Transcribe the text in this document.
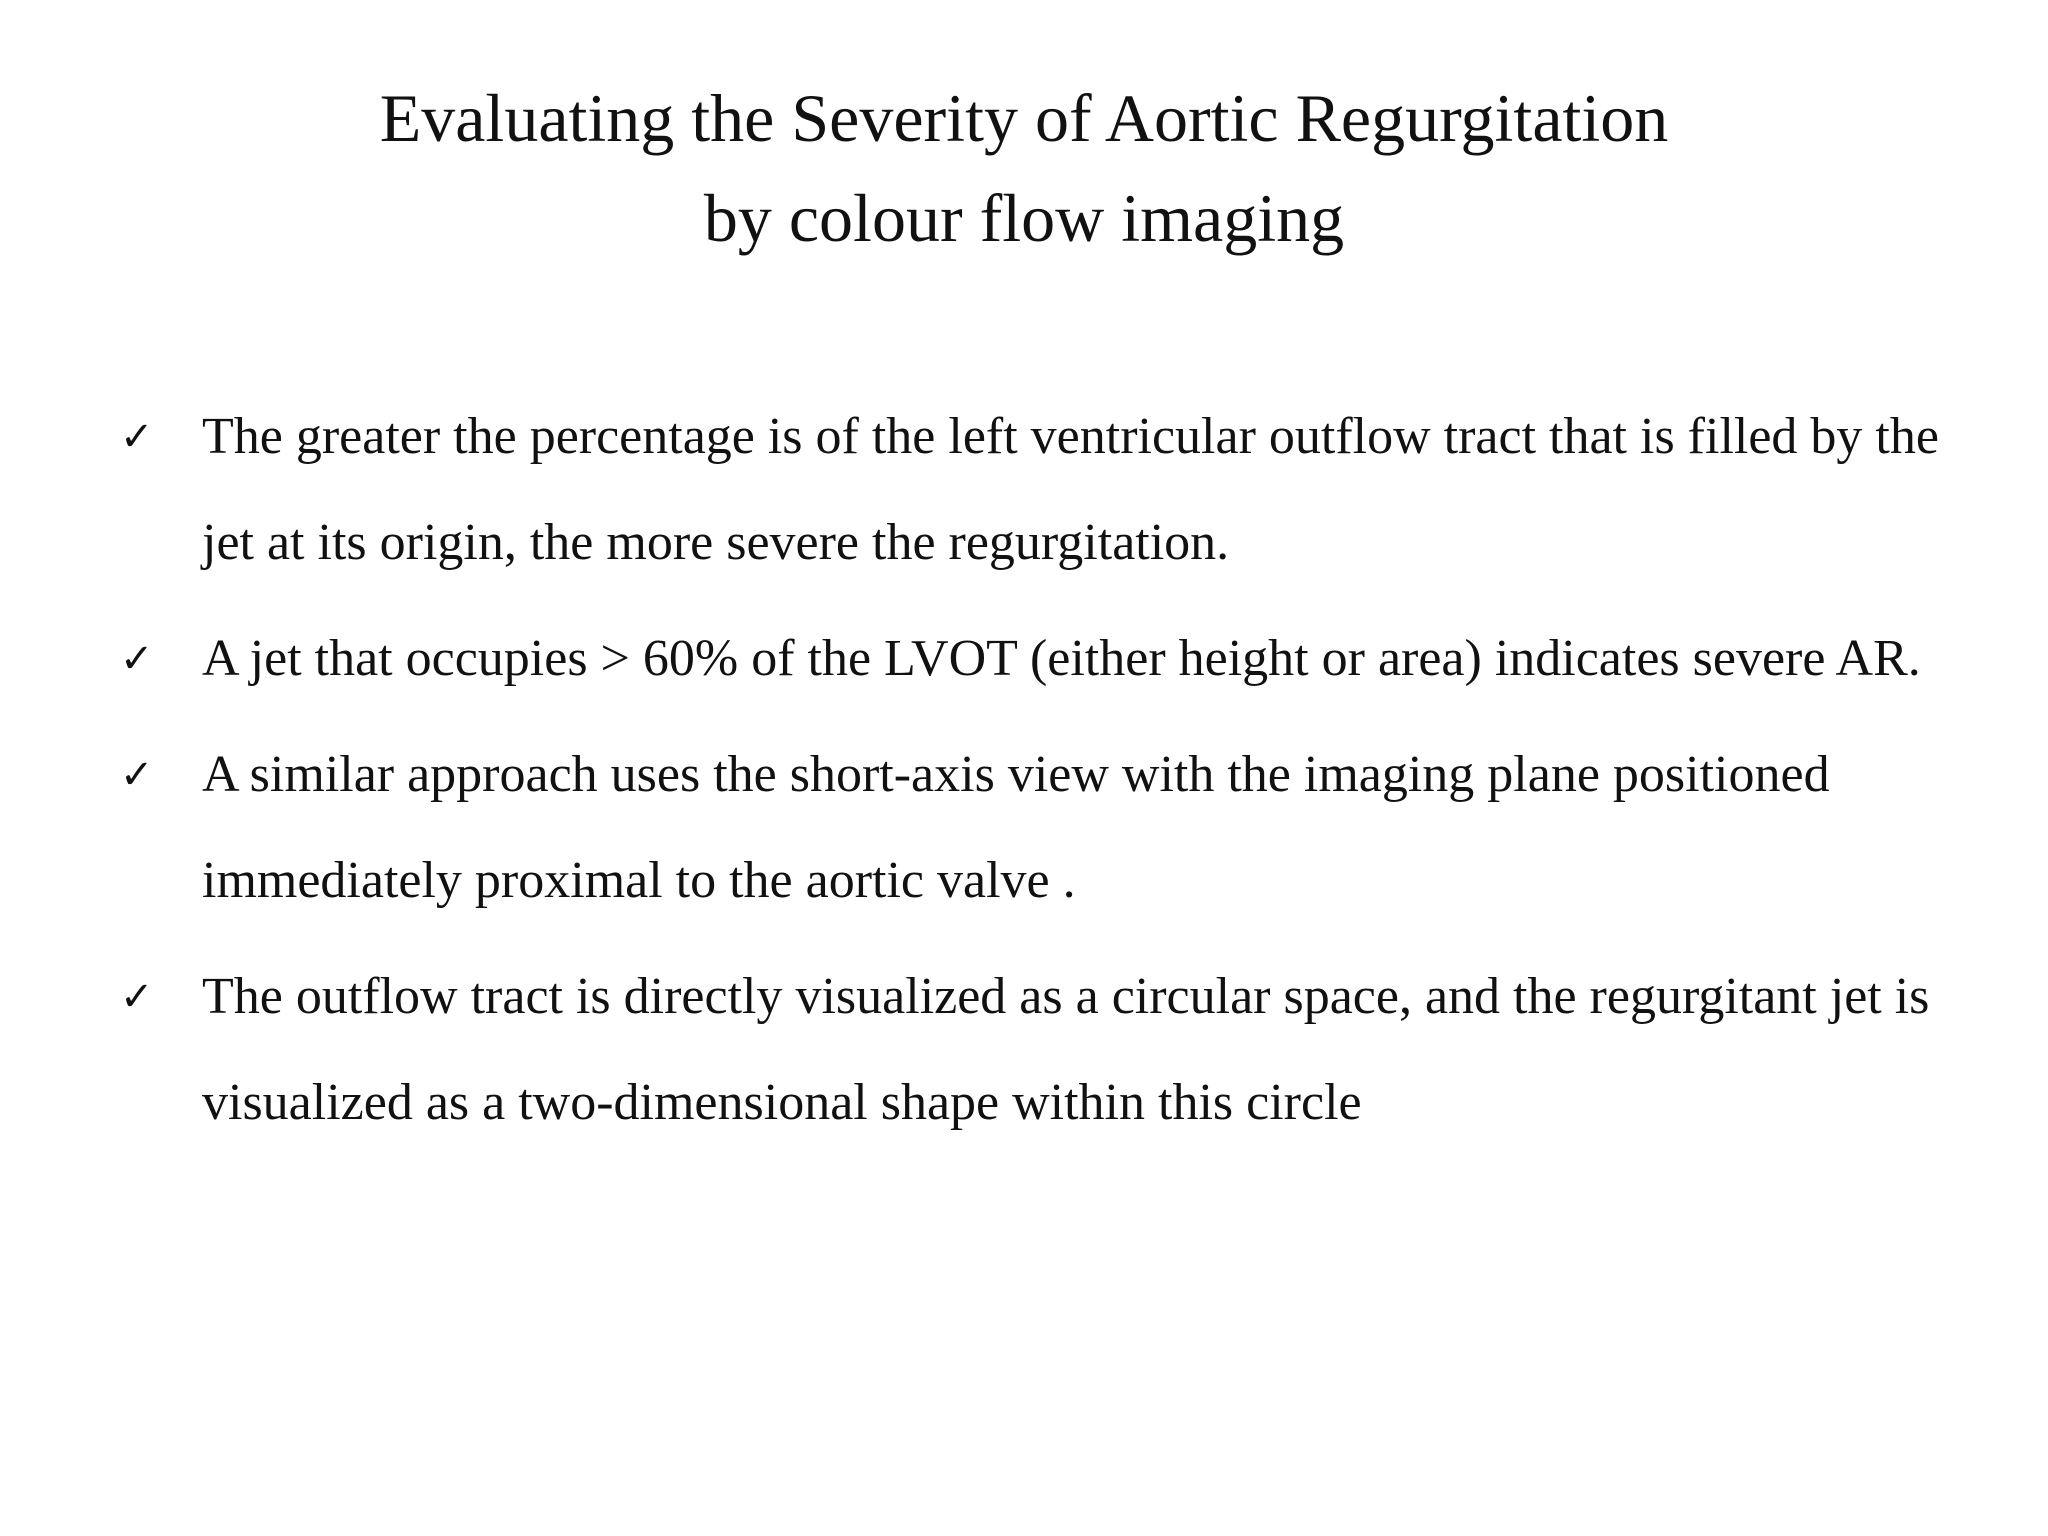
Evaluating the Severity of Aortic Regurgitation
by colour flow imaging
✓ The greater the percentage is of the left ventricular outflow tract that is filled by the jet at its origin, the more severe the regurgitation.
✓ A jet that occupies > 60% of the LVOT (either height or area) indicates severe AR.
✓ A similar approach uses the short-axis view with the imaging plane positioned immediately proximal to the aortic valve .
✓ The outflow tract is directly visualized as a circular space, and the regurgitant jet is visualized as a two-dimensional shape within this circle
